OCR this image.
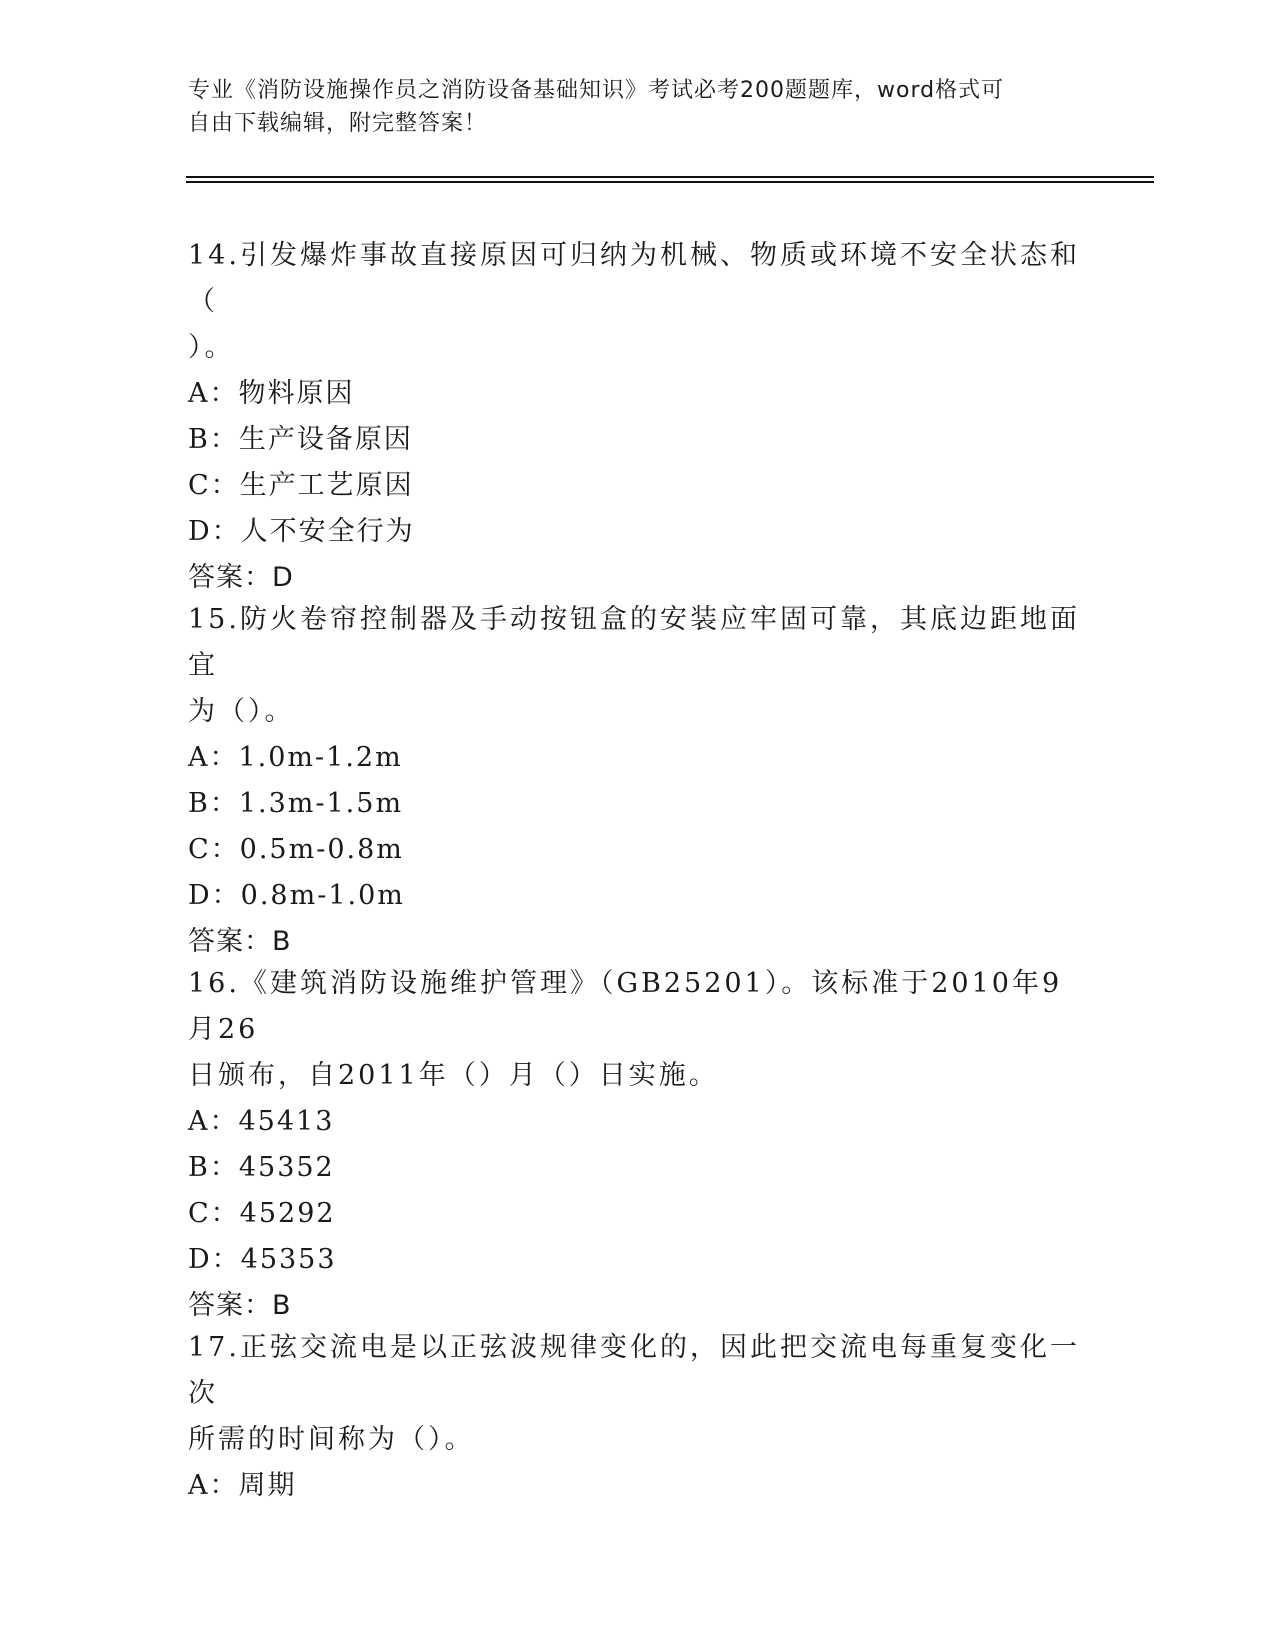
专业《消防设施操作员之消防设备基础知识》考试必考200题题库，word格式可
自由下载编辑，附完整答案！
14.引发爆炸事故直接原因可归纳为机械、物质或环境不安全状态和（
）。
A：物料原因
B：生产设备原因
C：生产工艺原因
D：人不安全行为
答案：D
15.防火卷帘控制器及手动按钮盒的安装应牢固可靠，其底边距地面宜
为（）。
A：1.0m-1.2m
B：1.3m-1.5m
C：0.5m-0.8m
D：0.8m-1.0m
答案：B
16.《建筑消防设施维护管理》（GB25201）。该标准于2010年9月26
日颁布，自2011年（）月（）日实施。
A：45413
B：45352
C：45292
D：45353
答案：B
17.正弦交流电是以正弦波规律变化的，因此把交流电每重复变化一次
所需的时间称为（）。
A：周期
